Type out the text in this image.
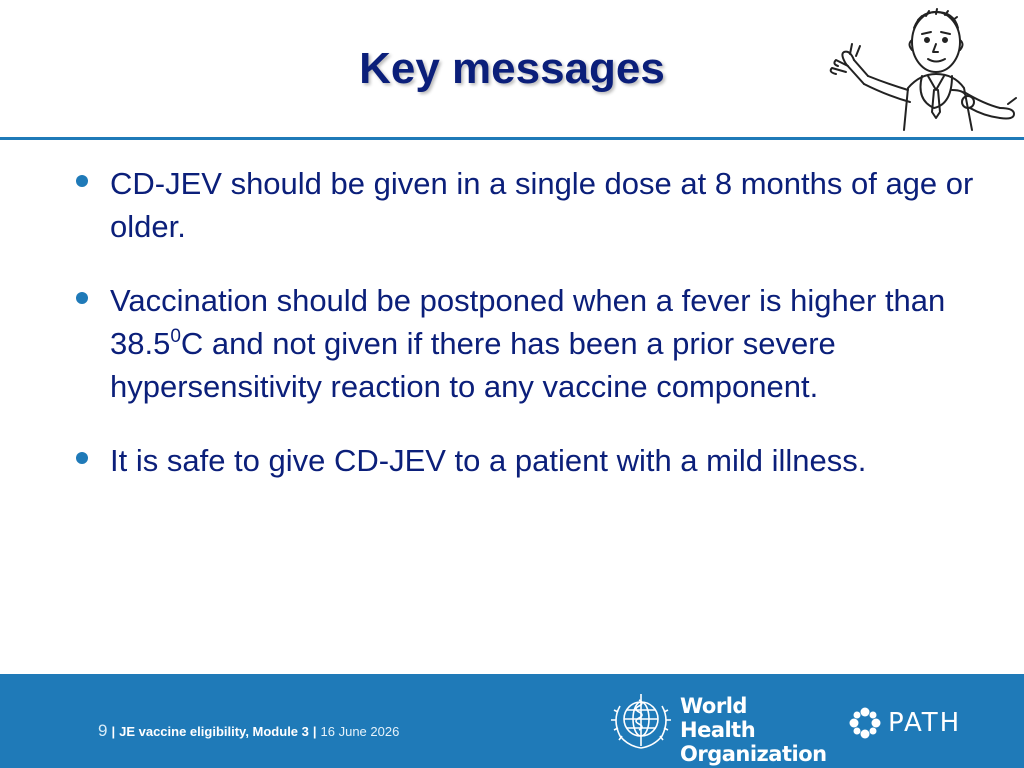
Key messages
CD-JEV should be given in a single dose at 8 months of age or older.
Vaccination should be postponed when a fever is higher than 38.5$^0$C and not given if there has been a prior severe hypersensitivity reaction to any vaccine component.
It is safe to give CD-JEV to a patient with a mild illness.
9 | JE vaccine eligibility, Module 3 | 16 June 2026
World Health
Organization
PATH
